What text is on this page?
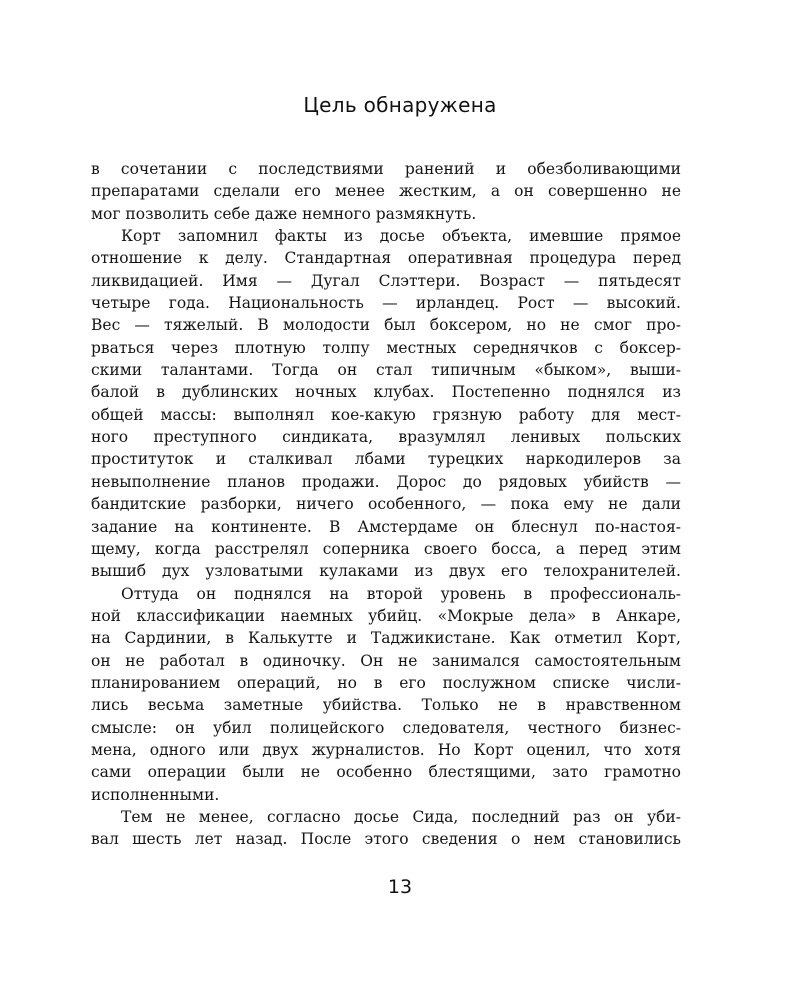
Цель обнаружена
в сочетании с последствиями ранений и обезболивающими
препаратами сделали его менее жестким, а он совершенно не
мог позволить себе даже немного размякнуть.
Корт запомнил факты из досье объекта, имевшие прямое
отношение к делу. Стандартная оперативная процедура перед
ликвидацией. Имя — Дугал Слэттери. Возраст — пятьдесят
четыре года. Национальность — ирландец. Рост — высокий.
Вес — тяжелый. В молодости был боксером, но не смог про-
рваться через плотную толпу местных середнячков с боксер-
скими талантами. Тогда он стал типичным «быком», выши-
балой в дублинских ночных клубах. Постепенно поднялся из
общей массы: выполнял кое-какую грязную работу для мест-
ного преступного синдиката, вразумлял ленивых польских
проституток и сталкивал лбами турецких наркодилеров за
невыполнение планов продажи. Дорос до рядовых убийств —
бандитские разборки, ничего особенного, — пока ему не дали
задание на континенте. В Амстердаме он блеснул по-настоя-
щему, когда расстрелял соперника своего босса, а перед этим
вышиб дух узловатыми кулаками из двух его телохранителей.
Оттуда он поднялся на второй уровень в профессиональ-
ной классификации наемных убийц. «Мокрые дела» в Анкаре,
на Сардинии, в Калькутте и Таджикистане. Как отметил Корт,
он не работал в одиночку. Он не занимался самостоятельным
планированием операций, но в его послужном списке числи-
лись весьма заметные убийства. Только не в нравственном
смысле: он убил полицейского следователя, честного бизнес-
мена, одного или двух журналистов. Но Корт оценил, что хотя
сами операции были не особенно блестящими, зато грамотно
исполненными.
Тем не менее, согласно досье Сида, последний раз он уби-
вал шесть лет назад. После этого сведения о нем становились
13
